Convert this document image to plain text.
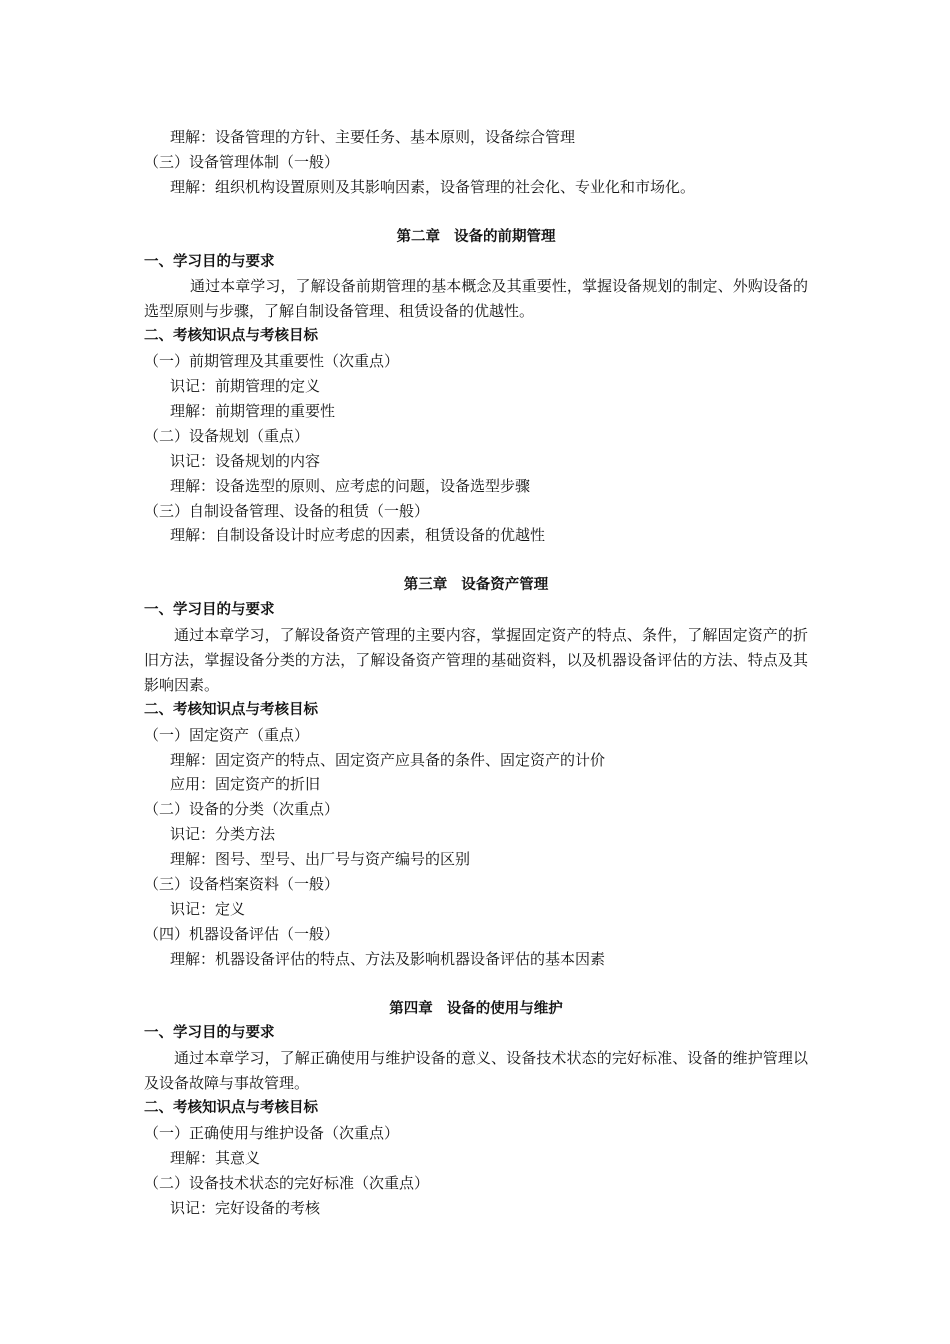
理解：设备管理的方针、主要任务、基本原则，设备综合管理
（三）设备管理体制（一般）
理解：组织机构设置原则及其影响因素，设备管理的社会化、专业化和市场化。
第二章 设备的前期管理
一、学习目的与要求
通过本章学习，了解设备前期管理的基本概念及其重要性，掌握设备规划的制定、外购设备的选型原则与步骤，了解自制设备管理、租赁设备的优越性。
二、考核知识点与考核目标
（一）前期管理及其重要性（次重点）
识记：前期管理的定义
理解：前期管理的重要性
（二）设备规划（重点）
识记：设备规划的内容
理解：设备选型的原则、应考虑的问题，设备选型步骤
（三）自制设备管理、设备的租赁（一般）
理解：自制设备设计时应考虑的因素，租赁设备的优越性
第三章 设备资产管理
一、学习目的与要求
通过本章学习，了解设备资产管理的主要内容，掌握固定资产的特点、条件，了解固定资产的折旧方法，掌握设备分类的方法，了解设备资产管理的基础资料，以及机器设备评估的方法、特点及其影响因素。
二、考核知识点与考核目标
（一）固定资产（重点）
理解：固定资产的特点、固定资产应具备的条件、固定资产的计价
应用：固定资产的折旧
（二）设备的分类（次重点）
识记：分类方法
理解：图号、型号、出厂号与资产编号的区别
（三）设备档案资料（一般）
识记：定义
（四）机器设备评估（一般）
理解：机器设备评估的特点、方法及影响机器设备评估的基本因素
第四章 设备的使用与维护
一、学习目的与要求
通过本章学习，了解正确使用与维护设备的意义、设备技术状态的完好标准、设备的维护管理以及设备故障与事故管理。
二、考核知识点与考核目标
（一）正确使用与维护设备（次重点）
理解：其意义
（二）设备技术状态的完好标准（次重点）
识记：完好设备的考核
